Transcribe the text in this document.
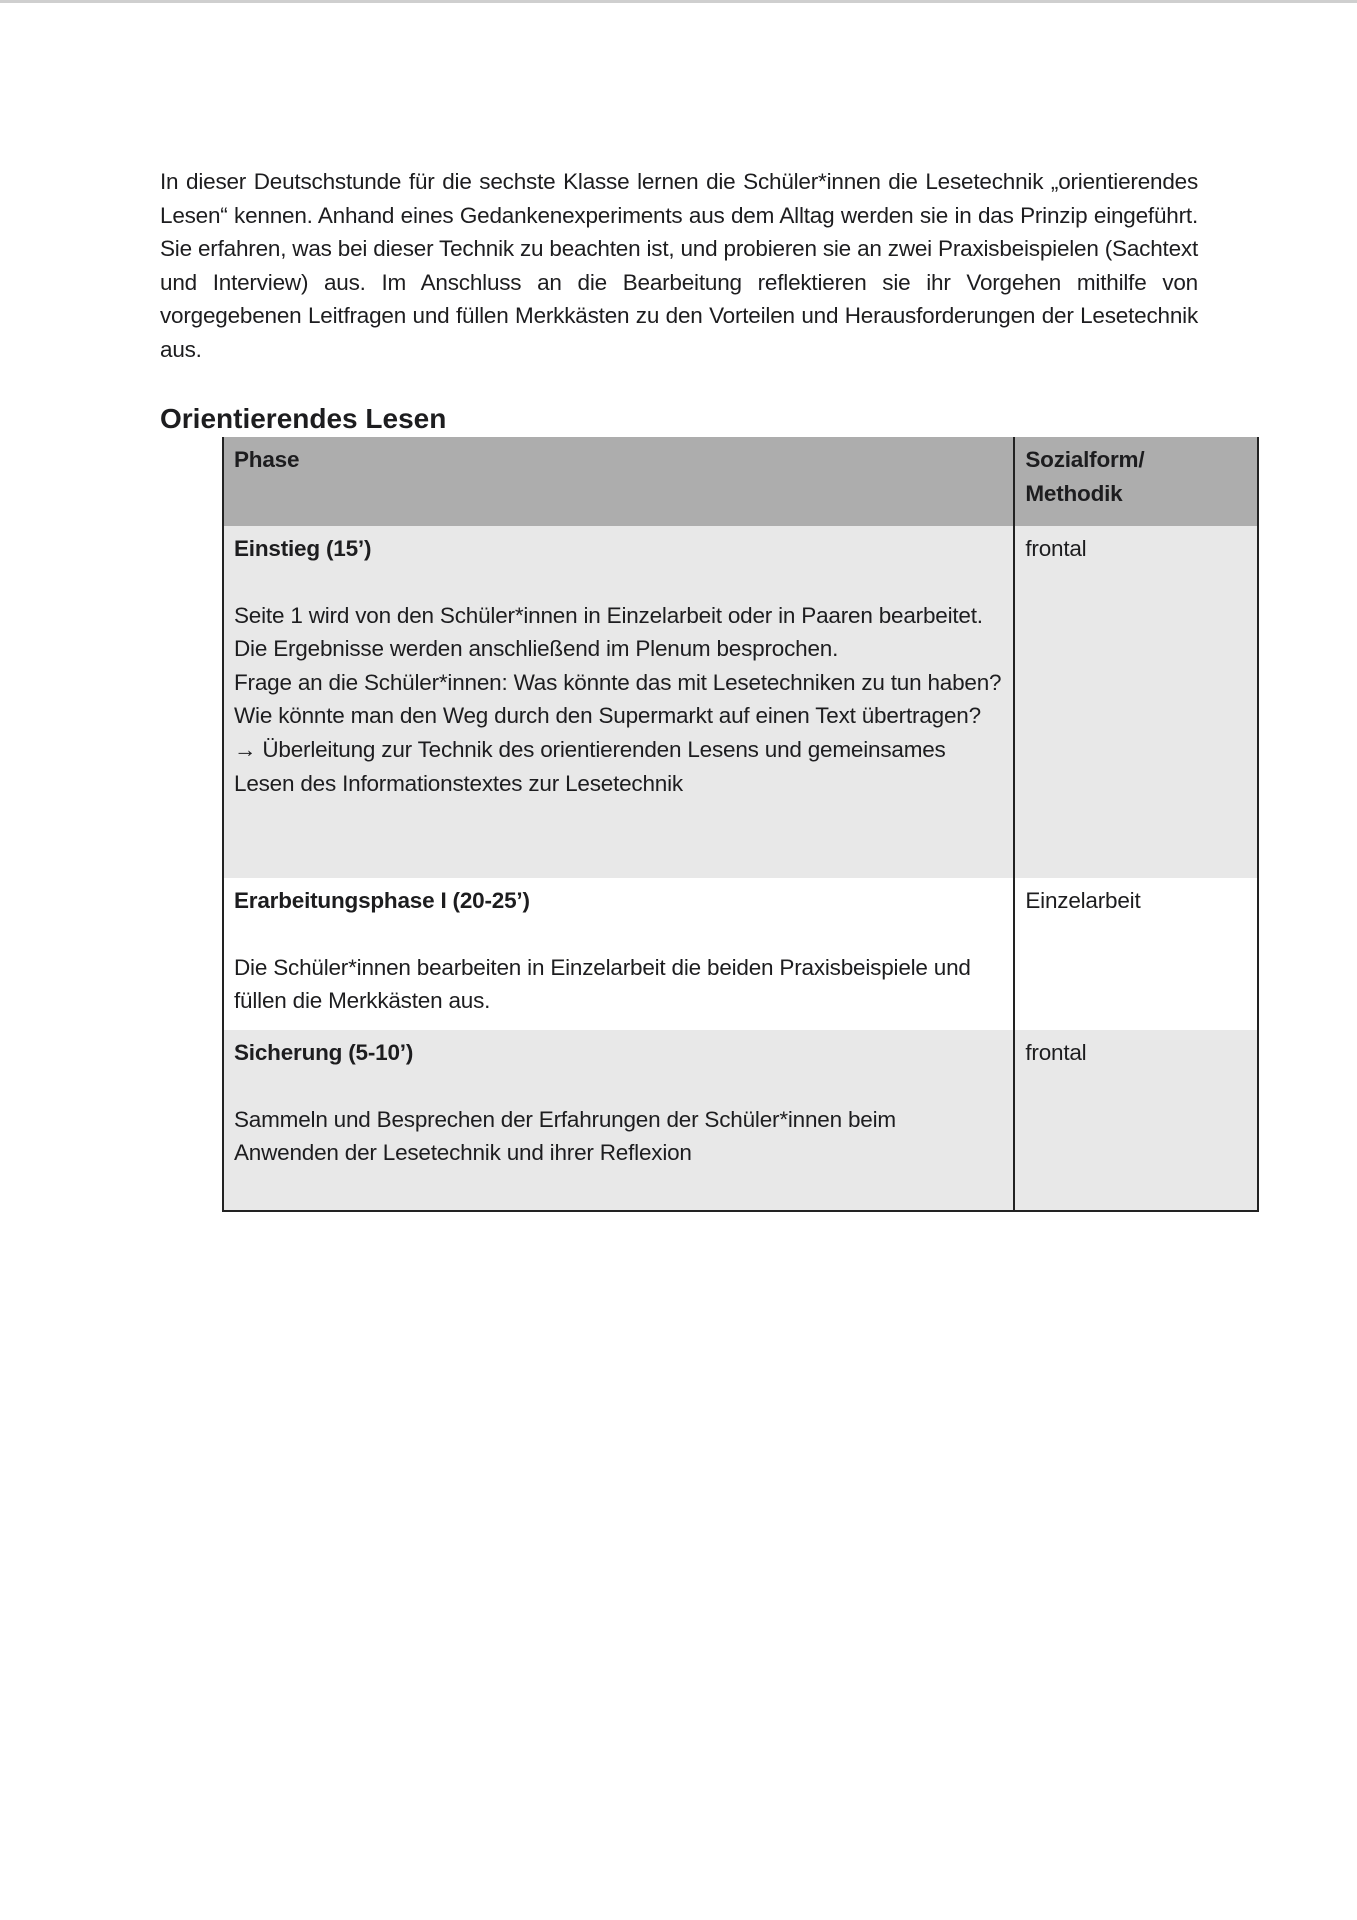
In dieser Deutschstunde für die sechste Klasse lernen die Schüler*innen die Lesetechnik „orientierendes Lesen“ kennen. Anhand eines Gedankenexperiments aus dem Alltag werden sie in das Prinzip eingeführt. Sie erfahren, was bei dieser Technik zu beachten ist, und probieren sie an zwei Praxisbeispielen (Sachtext und Interview) aus. Im Anschluss an die Bearbeitung reflektieren sie ihr Vorgehen mithilfe von vorgegebenen Leitfragen und füllen Merkkästen zu den Vorteilen und Herausforderungen der Lesetechnik aus.

Orientierendes Lesen
Phase	Sozialform/ Methodik

Einstieg (15’)
Seite 1 wird von den Schüler*innen in Einzelarbeit oder in Paaren bearbeitet. Die Ergebnisse werden anschließend im Plenum besprochen.
Frage an die Schüler*innen: Was könnte das mit Lesetechniken zu tun haben? Wie könnte man den Weg durch den Supermarkt auf einen Text übertragen? → Überleitung zur Technik des orientierenden Lesens und gemeinsames Lesen des Informationstextes zur Lesetechnik	frontal

Erarbeitungsphase I (20-25’)
Die Schüler*innen bearbeiten in Einzelarbeit die beiden Praxisbeispiele und füllen die Merkkästen aus.	Einzelarbeit

Sicherung (5-10’)
Sammeln und Besprechen der Erfahrungen der Schüler*innen beim Anwenden der Lesetechnik und ihrer Reflexion	frontal
